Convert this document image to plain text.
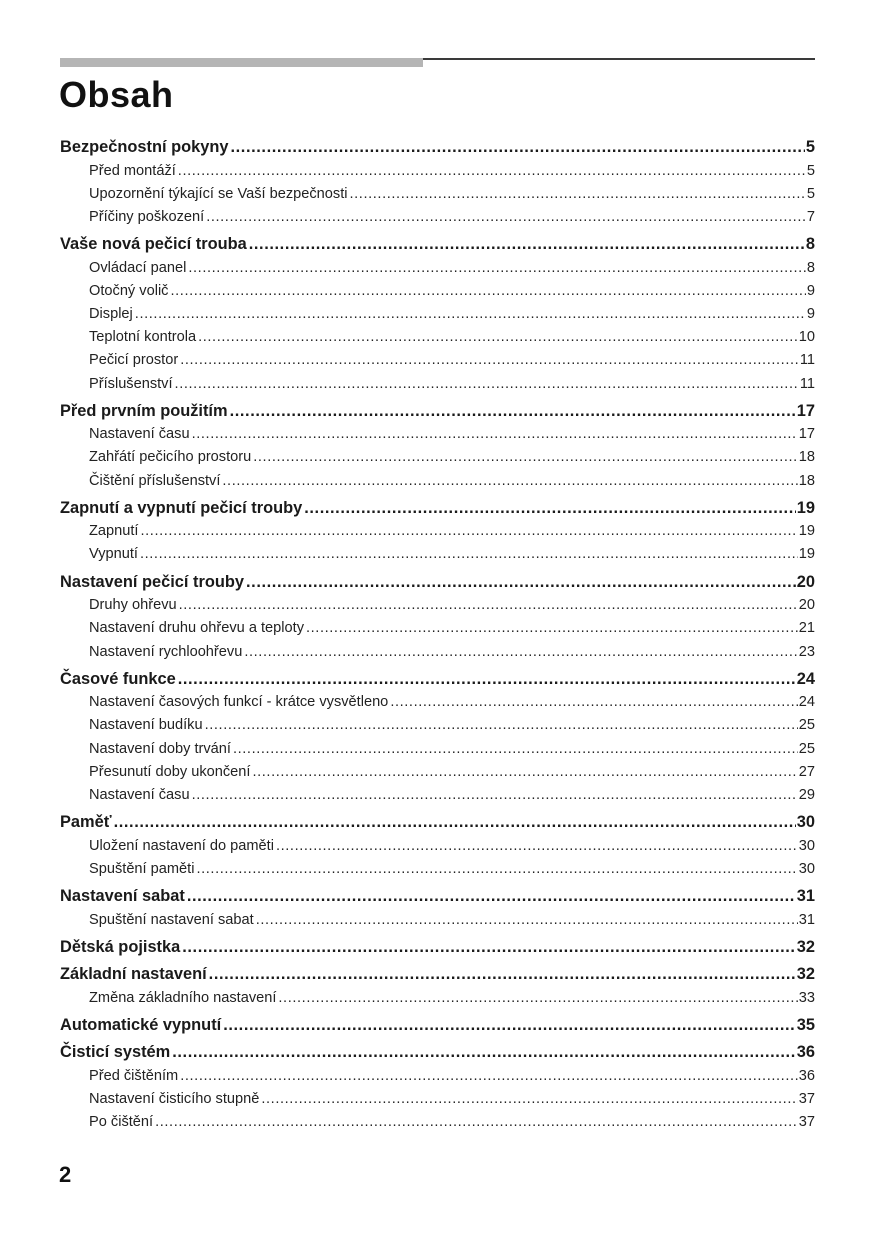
Obsah
Bezpečnostní pokyny .....	5
Před montáží .....	5
Upozornění týkající se Vaší bezpečnosti .....	5
Příčiny poškození .....	7
Vaše nová pečicí trouba .....	8
Ovládací panel .....	8
Otočný volič .....	9
Displej .....	9
Teplotní kontrola .....	10
Pečicí prostor .....	11
Příslušenství .....	11
Před prvním použitím .....	17
Nastavení času .....	17
Zahřátí pečicího prostoru .....	18
Čištění příslušenství .....	18
Zapnutí a vypnutí pečicí trouby .....	19
Zapnutí .....	19
Vypnutí .....	19
Nastavení pečicí trouby .....	20
Druhy ohřevu .....	20
Nastavení druhu ohřevu a teploty .....	21
Nastavení rychloohřevu .....	23
Časové funkce .....	24
Nastavení časových funkcí - krátce vysvětleno .....	24
Nastavení budíku .....	25
Nastavení doby trvání .....	25
Přesunutí doby ukončení .....	27
Nastavení času .....	29
Paměť .....	30
Uložení nastavení do paměti .....	30
Spuštění paměti .....	30
Nastavení sabat .....	31
Spuštění nastavení sabat .....	31
Dětská pojistka .....	32
Základní nastavení .....	32
Změna základního nastavení .....	33
Automatické vypnutí .....	35
Čisticí systém .....	36
Před čištěním .....	36
Nastavení čisticího stupně .....	37
Po čištění .....	37
2
